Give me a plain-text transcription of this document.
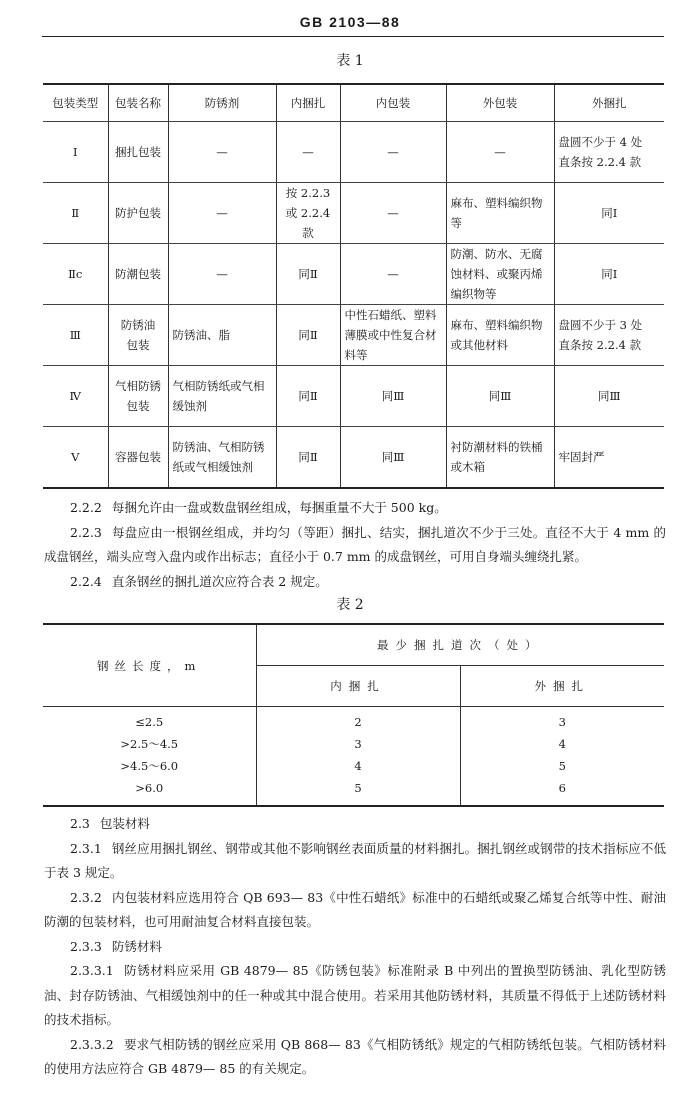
GB 2103—88
表 1
包装类型	包装名称	防锈剂	内捆扎	内包装	外包装	外捆扎
Ⅰ	捆扎包装	—	—	—	—	盘圆不少于 4 处
直条按 2.2.4 款
Ⅱ	防护包装	—	按 2.2.3
或 2.2.4
款	—	麻布、塑料编织物等	同Ⅰ
Ⅱc	防潮包装	—	同Ⅱ	—	防潮、防水、无腐蚀材料、或聚丙烯编织物等	同Ⅰ
Ⅲ	防锈油
包装	防锈油、脂	同Ⅱ	中性石蜡纸、塑料薄膜或中性复合材料等	麻布、塑料编织物或其他材料	盘圆不少于 3 处
直条按 2.2.4 款
Ⅳ	气相防锈
包装	气相防锈纸或气相缓蚀剂	同Ⅱ	同Ⅲ	同Ⅲ	同Ⅲ
Ⅴ	容器包装	防锈油、气相防锈纸或气相缓蚀剂	同Ⅱ	同Ⅲ	衬防潮材料的铁桶或木箱	牢固封严

2.2.2 每捆允许由一盘或数盘钢丝组成，每捆重量不大于 500 kg。

2.2.3 每盘应由一根钢丝组成，并均匀（等距）捆扎、结实，捆扎道次不少于三处。直径不大于 4 mm 的成盘钢丝，端头应弯入盘内或作出标志；直径小于 0.7 mm 的成盘钢丝，可用自身端头缠绕扎紧。

2.2.4 直条钢丝的捆扎道次应符合表 2 规定。

表 2
钢丝长度，m	最少捆扎道次（处）	
	内捆扎	外捆扎
≤2.5	2	3
>2.5～4.5	3	4
>4.5～6.0	4	5
>6.0	5	6

2.3 包装材料

2.3.1 钢丝应用捆扎钢丝、钢带或其他不影响钢丝表面质量的材料捆扎。捆扎钢丝或钢带的技术指标应不低于表 3 规定。

2.3.2 内包装材料应选用符合 QB 693— 83《中性石蜡纸》标准中的石蜡纸或聚乙烯复合纸等中性、耐油防潮的包装材料，也可用耐油复合材料直接包装。

2.3.3 防锈材料

2.3.3.1 防锈材料应采用 GB 4879— 85《防锈包装》标准附录 B 中列出的置换型防锈油、乳化型防锈油、封存防锈油、气相缓蚀剂中的任一种或其中混合使用。若采用其他防锈材料，其质量不得低于上述防锈材料的技术指标。

2.3.3.2 要求气相防锈的钢丝应采用 QB 868— 83《气相防锈纸》规定的气相防锈纸包装。气相防锈材料的使用方法应符合 GB 4879— 85 的有关规定。
